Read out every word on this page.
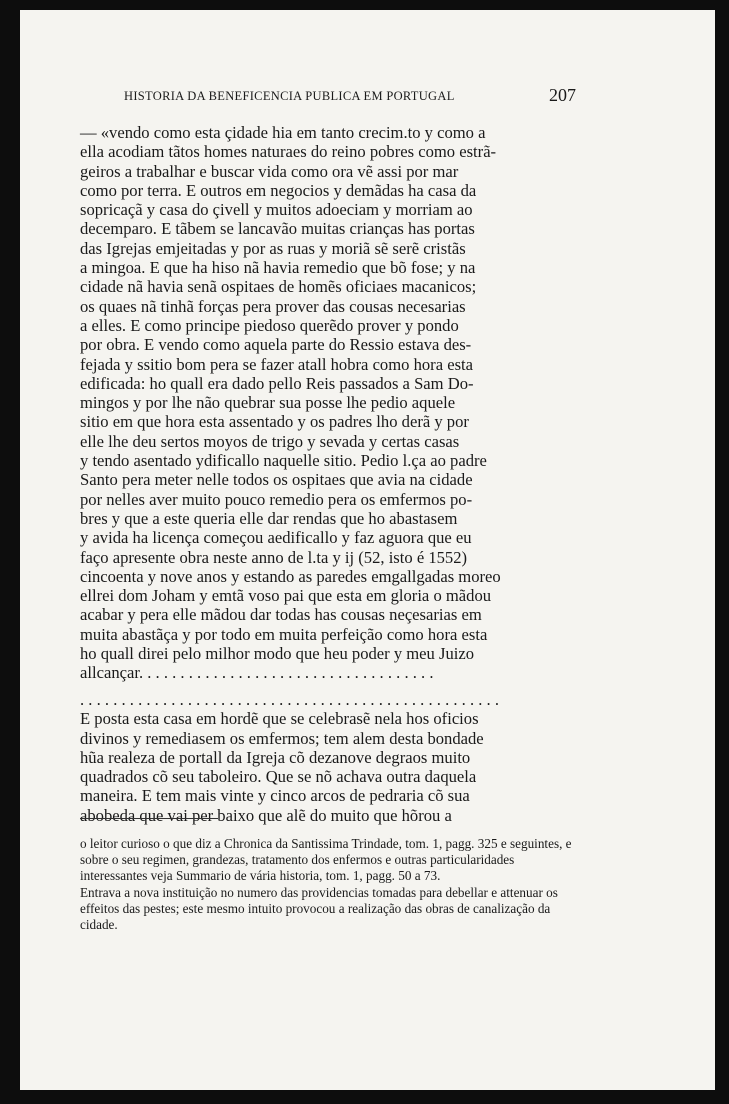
HISTORIA DA BENEFICENCIA PUBLICA EM PORTUGAL	207
— «vendo como esta çidade hia em tanto crecim.to y como a
ella acodiam tãtos homes naturaes do reino pobres como estrã-
geiros a trabalhar e buscar vida como ora vẽ assi por mar
como por terra. E outros em negocios y demãdas ha casa da
sopricaçã y casa do çivell y muitos adoeciam y morriam ao
decemparo. E tãbem se lancavão muitas crianças has portas
das Igrejas emjeitadas y por as ruas y moriã sẽ serẽ cristãs
a mingoa. E que ha hiso nã havia remedio que bõ fose; y na
cidade nã havia senã ospitaes de homẽs oficiaes macanicos;
os quaes nã tinhã forças pera prover das cousas necesarias
a elles. E como principe piedoso querẽdo prover y pondo
por obra. E vendo como aquela parte do Ressio estava des-
fejada y ssitio bom pera se fazer atall hobra como hora esta
edificada: ho quall era dado pello Reis passados a Sam Do-
mingos y por lhe não quebrar sua posse lhe pedio aquele
sitio em que hora esta assentado y os padres lho derã y por
elle lhe deu sertos moyos de trigo y sevada y certas casas
y tendo asentado ydificallo naquelle sitio. Pedio l.ça ao padre
Santo pera meter nelle todos os ospitaes que avia na cidade
por nelles aver muito pouco remedio pera os emfermos po-
bres y que a este queria elle dar rendas que ho abastasem
y avida ha licença começou aedificallo y faz aguora que eu
faço apresente obra neste anno de l.ta y ij (52, isto é 1552)
cincoenta y nove anos y estando as paredes emgallgadas moreo
ellrei dom Joham y emtã voso pai que esta em gloria o mãdou
acabar y pera elle mãdou dar todas has cousas neçesarias em
muita abastãça y por todo em muita perfeição como hora esta
ho quall direi pelo milhor modo que heu poder y meu Juizo
allcançar. . . . . . . . . . . . . . . . . . . . . . . . . . . . . . . . . . . .
. . . . . . . . . . . . . . . . . . . . . . . . . . . . . . . . . . . . . . . . . . . . . . . . . . .
E posta esta casa em hordẽ que se celebrasẽ nela hos oficios
divinos y remediasem os emfermos; tem alem desta bondade
hũa realeza de portall da Igreja cõ dezanove degraos muito
quadrados cõ seu taboleiro. Que se nõ achava outra daquela
maneira. E tem mais vinte y cinco arcos de pedraria cõ sua
abobeda que vai per baixo que alẽ do muito que hõrou a
o leitor curioso o que diz a Chronica da Santissima Trindade, tom. 1, pagg. 325 e seguintes, e sobre o seu regimen, grandezas, tratamento dos enfermos e outras particularidades interessantes veja Summario de vária historia, tom. 1, pagg. 50 a 73.
Entrava a nova instituição no numero das providencias tomadas para debellar e attenuar os effeitos das pestes; este mesmo intuito provocou a realização das obras de canalização da cidade.
